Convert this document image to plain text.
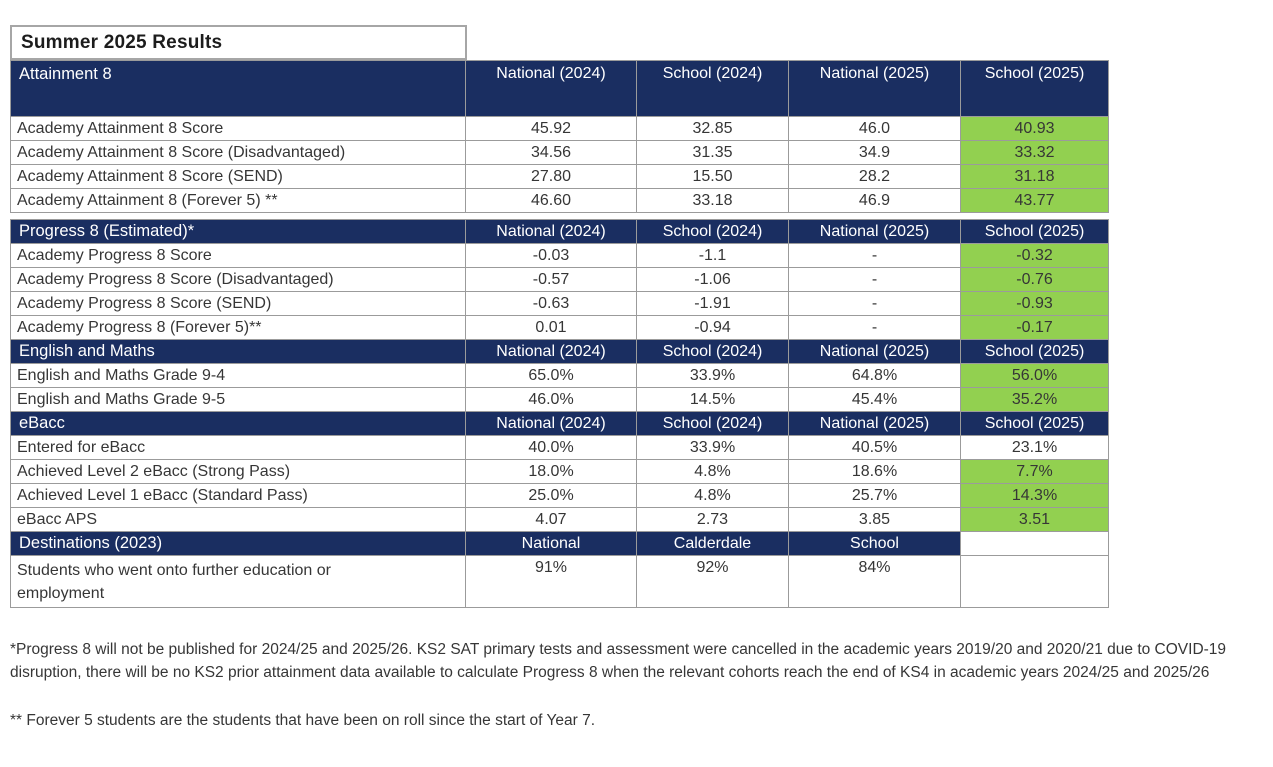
Summer 2025 Results
Attainment 8	National (2024)	School (2024)	National (2025)	School (2025)
Academy Attainment 8 Score	45.92	32.85	46.0	40.93
Academy Attainment 8 Score (Disadvantaged)	34.56	31.35	34.9	33.32
Academy Attainment 8 Score (SEND)	27.80	15.50	28.2	31.18
Academy Attainment 8 (Forever 5) **	46.60	33.18	46.9	43.77

Progress 8 (Estimated)*	National (2024)	School (2024)	National (2025)	School (2025)
Academy Progress 8 Score	-0.03	-1.1	-	-0.32
Academy Progress 8 Score (Disadvantaged)	-0.57	-1.06	-	-0.76
Academy Progress 8 Score (SEND)	-0.63	-1.91	-	-0.93
Academy Progress 8 (Forever 5)**	0.01	-0.94	-	-0.17
English and Maths	National (2024)	School (2024)	National (2025)	School (2025)
English and Maths Grade 9-4	65.0%	33.9%	64.8%	56.0%
English and Maths Grade 9-5	46.0%	14.5%	45.4%	35.2%
eBacc	National (2024)	School (2024)	National (2025)	School (2025)
Entered for eBacc	40.0%	33.9%	40.5%	23.1%
Achieved Level 2 eBacc (Strong Pass)	18.0%	4.8%	18.6%	7.7%
Achieved Level 1 eBacc (Standard Pass)	25.0%	4.8%	25.7%	14.3%
eBacc APS	4.07	2.73	3.85	3.51
Destinations (2023)	National	Calderdale	School	
Students who went onto further education or employment	91%	92%	84%	

*Progress 8 will not be published for 2024/25 and 2025/26. KS2 SAT primary tests and assessment were cancelled in the academic years 2019/20 and 2020/21 due to COVID-19 disruption, there will be no KS2 prior attainment data available to calculate Progress 8 when the relevant cohorts reach the end of KS4 in academic years 2024/25 and 2025/26

** Forever 5 students are the students that have been on roll since the start of Year 7.
